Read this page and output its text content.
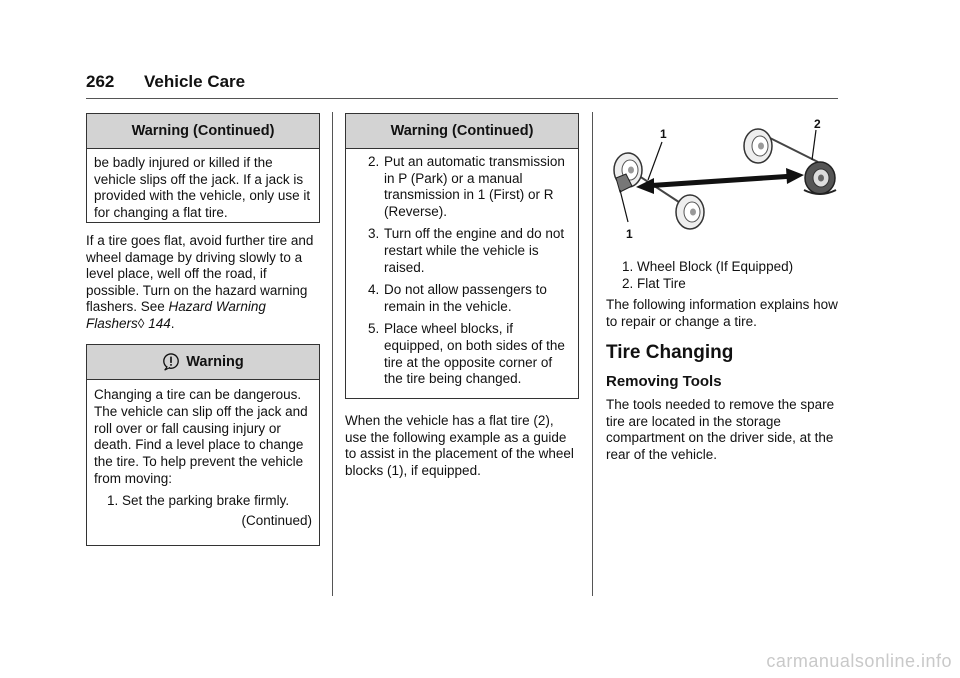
262 Vehicle Care
Warning (Continued)
be badly injured or killed if the vehicle slips off the jack. If a jack is provided with the vehicle, only use it for changing a flat tire.
If a tire goes flat, avoid further tire and wheel damage by driving slowly to a level place, well off the road, if possible. Turn on the hazard warning flashers. See Hazard Warning Flashers◊ 144.
Warning
Changing a tire can be dangerous. The vehicle can slip off the jack and roll over or fall causing injury or death. Find a level place to change the tire. To help prevent the vehicle from moving:
1. Set the parking brake firmly.
(Continued)
Warning (Continued)
2. Put an automatic transmission in P (Park) or a manual transmission in 1 (First) or R (Reverse).
3. Turn off the engine and do not restart while the vehicle is raised.
4. Do not allow passengers to remain in the vehicle.
5. Place wheel blocks, if equipped, on both sides of the tire at the opposite corner of the tire being changed.
When the vehicle has a flat tire (2), use the following example as a guide to assist in the placement of the wheel blocks (1), if equipped.
1
2
1
1. Wheel Block (If Equipped)
2. Flat Tire
The following information explains how to repair or change a tire.
Tire Changing
Removing Tools
The tools needed to remove the spare tire are located in the storage compartment on the driver side, at the rear of the vehicle.
carmanualsonline.info
